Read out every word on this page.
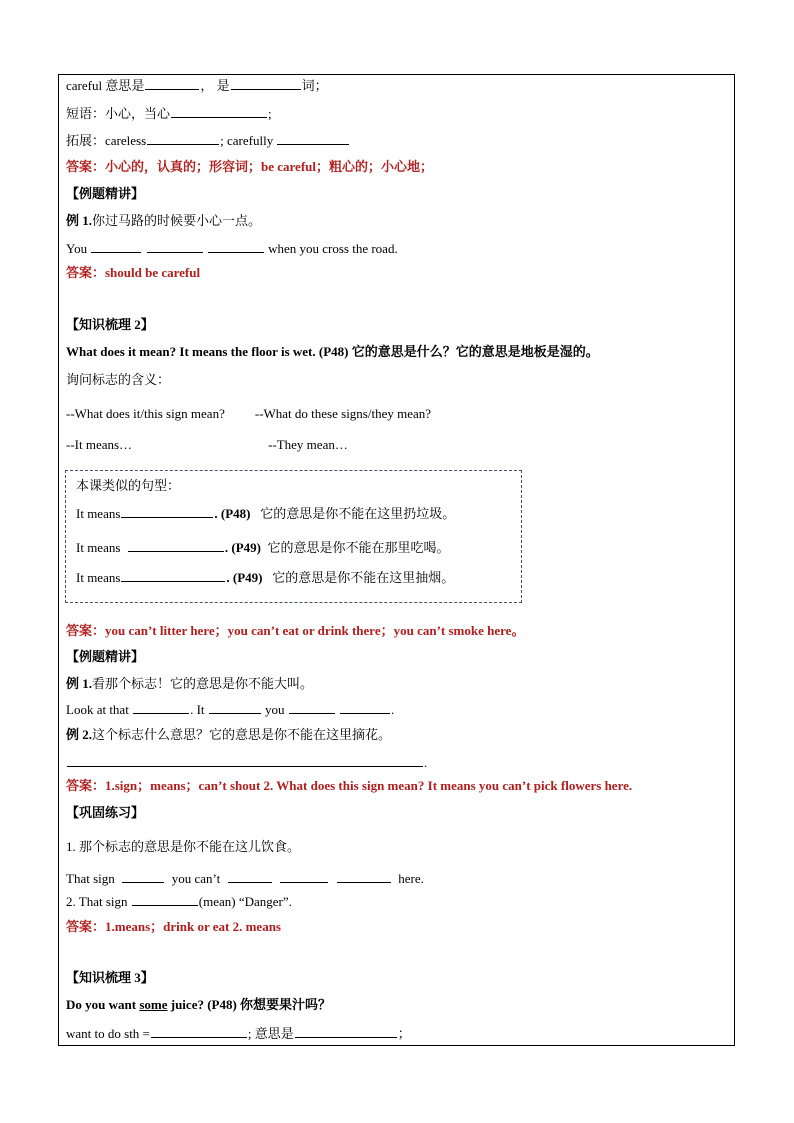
careful 意思是	， 是	词；
短语：小心，当心	;
拓展：careless	; carefully
答案：小心的，认真的；形容词；be careful；粗心的；小心地；
【例题精讲】
例 1.你过马路的时候要小心一点。
You	when you cross the road.
答案：should be careful
【知识梳理 2】
What does it mean? It means the floor is wet. (P48) 它的意思是什么？它的意思是地板是湿的。
询问标志的含义：
--What does it/this sign mean? --What do these signs/they mean?
--It means…	--They mean…
本课类似的句型：
It means	. (P48) 它的意思是你不能在这里扔垃圾。
It means	. (P49) 它的意思是你不能在那里吃喝。
It means	. (P49) 它的意思是你不能在这里抽烟。
答案：you can’t litter here；you can’t eat or drink there；you can’t smoke here。
【例题精讲】
例 1.看那个标志！它的意思是你不能大叫。
Look at that	. It	you	.
例 2.这个标志什么意思？它的意思是你不能在这里摘花。
.
答案：1.sign；means；can’t shout 2. What does this sign mean? It means you can’t pick flowers here.
【巩固练习】
1. 那个标志的意思是你不能在这儿饮食。
That sign	you can’t	here.
2. That sign	(mean) “Danger”.
答案：1.means；drink or eat 2. means
【知识梳理 3】
Do you want some juice? (P48) 你想要果汁吗？
want to do sth =	; 意思是	；
